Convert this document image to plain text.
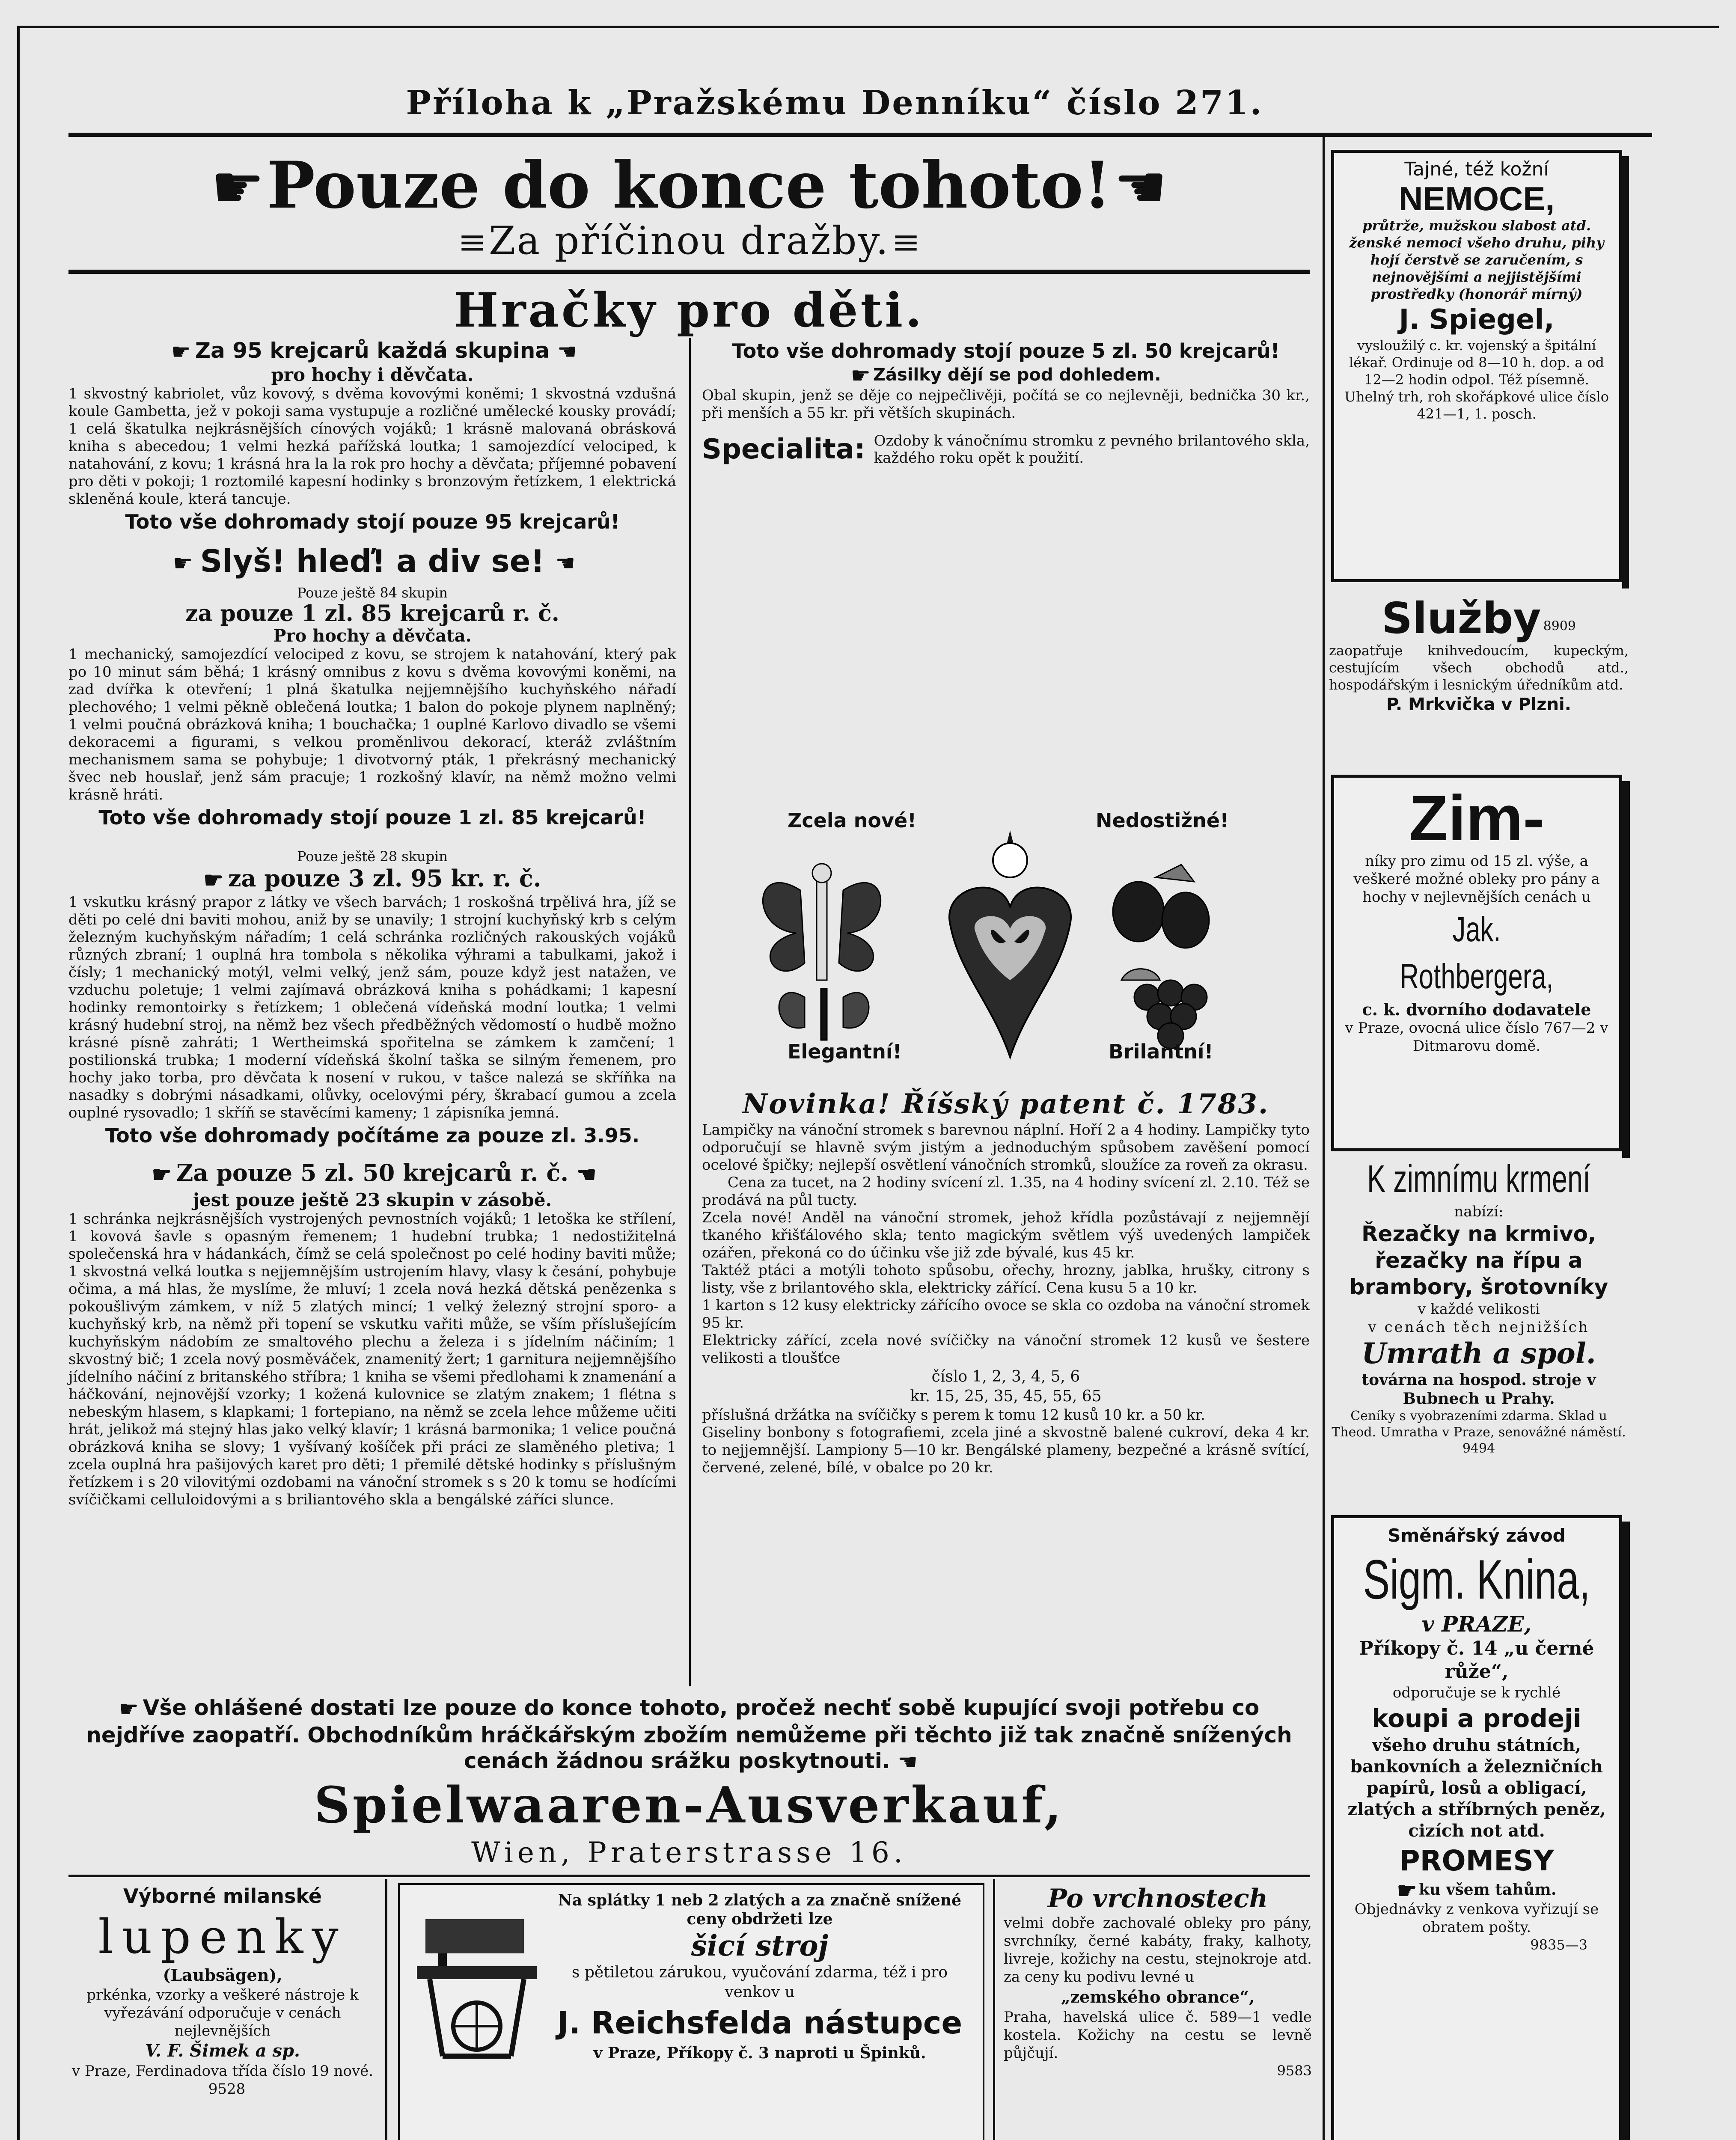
Příloha k „Pražskému Denníku“ číslo 271.
☛ Pouze do konce tohoto! ☚
≡ Za příčinou dražby. ≡
Hračky pro děti.
☛ Za 95 krejcarů každá skupina ☚
pro hochy i děvčata.

1 skvostný kabriolet, vůz kovový, s dvěma kovovými koněmi; 1 skvostná vzdušná koule Gambetta, jež v pokoji sama vystupuje a rozličné umělecké kousky provádí; 1 celá škatulka nejkrásnějších cínových vojáků; 1 krásně malovaná obrásková kniha s abecedou; 1 velmi hezká pařížská loutka; 1 samojezdící velociped, k natahování, z kovu; 1 krásná hra la la rok pro hochy a děvčata; příjemné pobavení pro děti v pokoji; 1 roztomilé kapesní hodinky s bronzovým řetízkem, 1 elektrická skleněná koule, která tancuje.

Toto vše dohromady stojí pouze 95 krejcarů!
☛ Slyš! hleď! a div se! ☚
Pouze ještě 84 skupin
za pouze 1 zl. 85 krejcarů r. č.
Pro hochy a děvčata.

1 mechanický, samojezdící velociped z kovu, se strojem k natahování, který pak po 10 minut sám běhá; 1 krásný omnibus z kovu s dvěma kovovými koněmi, na zad dvířka k otevření; 1 plná škatulka nejjemnějšího kuchyňského nářadí plechového; 1 velmi pěkně oblečená loutka; 1 balon do pokoje plynem naplněný; 1 velmi poučná obrázková kniha; 1 bouchačka; 1 ouplné Karlovo divadlo se všemi dekoracemi a figurami, s velkou proměnlivou dekorací, kteráž zvláštním mechanismem sama se pohybuje; 1 divotvorný pták, 1 překrásný mechanický švec neb houslař, jenž sám pracuje; 1 rozkošný klavír, na němž možno velmi krásně hráti.

Toto vše dohromady stojí pouze 1 zl. 85 krejcarů!
Pouze ještě 28 skupin
☛ za pouze 3 zl. 95 kr. r. č.

1 vskutku krásný prapor z látky ve všech barvách; 1 roskošná trpělivá hra, jíž se děti po celé dni baviti mohou, aniž by se unavily; 1 strojní kuchyňský krb s celým železným kuchyňským nářadím; 1 celá schránka rozličných rakouských vojáků různých zbraní; 1 ouplná hra tombola s několika výhrami a tabulkami, jakož i čísly; 1 mechanický motýl, velmi velký, jenž sám, pouze když jest natažen, ve vzduchu poletuje; 1 velmi zajímavá obrázková kniha s pohádkami; 1 kapesní hodinky remontoirky s řetízkem; 1 oblečená vídeňská modní loutka; 1 velmi krásný hudební stroj, na němž bez všech předběžných vědomostí o hudbě možno krásné písně zahráti; 1 Wertheimská spořitelna se zámkem k zamčení; 1 postilionská trubka; 1 moderní vídeňská školní taška se silným řemenem, pro hochy jako torba, pro děvčata k nosení v rukou, v tašce nalezá se skříňka na nasadky s dobrými násadkami, olůvky, ocelovými péry, škrabací gumou a zcela ouplné rysovadlo; 1 skříň se stavěcími kameny; 1 zápisníka jemná.

Toto vše dohromady počítáme za pouze zl. 3.95.
☛ Za pouze 5 zl. 50 krejcarů r. č. ☚
jest pouze ještě 23 skupin v zásobě.

1 schránka nejkrásnějších vystrojených pevnostních vojáků; 1 letoška ke střílení, 1 kovová šavle s opasným řemenem; 1 hudební trubka; 1 nedostižitelná společenská hra v hádankách, čímž se celá společnost po celé hodiny baviti může; 1 skvostná velká loutka s nejjemnějším ustrojením hlavy, vlasy k česání, pohybuje očima, a má hlas, že myslíme, že mluví; 1 zcela nová hezká dětská penězenka s pokoušlivým zámkem, v níž 5 zlatých mincí; 1 velký železný strojní sporo- a kuchyňský krb, na němž při topení se vskutku vařiti může, se vším příslušejícím kuchyňským nádobím ze smaltového plechu a železa i s jídelním náčiním; 1 skvostný bič; 1 zcela nový posměváček, znamenitý žert; 1 garnitura nejjemnějšího jídelního náčiní z britanského stříbra; 1 kniha se všemi předlohami k znamenání a háčkování, nejnovější vzorky; 1 kožená kulovnice se zlatým znakem; 1 flétna s nebeským hlasem, s klapkami; 1 fortepiano, na němž se zcela lehce můžeme učiti hrát, jelikož má stejný hlas jako velký klavír; 1 krásná barmonika; 1 velice poučná obrázková kniha se slovy; 1 vyšívaný košíček při práci ze slaměného pletiva; 1 zcela ouplná hra pašijových karet pro děti; 1 přemilé dětské hodinky s příslušným řetízkem i s 20 vilovitými ozdobami na vánoční stromek s s 20 k tomu se hodícími svíčičkami celluloidovými a s briliantového skla a bengálské záříci slunce.

Toto vše dohromady stojí pouze 5 zl. 50 krejcarů!
☛ Zásilky dějí se pod dohledem.

Obal skupin, jenž se děje co nejpečlivěji, počítá se co nejlevněji, bednička 30 kr., při menších a 55 kr. při větších skupinách.

Specialita: Ozdoby k vánočnímu stromku z pevného brilantového skla, každého roku opět k použití.
Zcela nové!	Nedostižné!
Elegantní!	Brilantní!
Novinka! Říšský patent č. 1783.

Lampičky na vánoční stromek s barevnou náplní. Hoří 2 a 4 hodiny. Lampičky tyto odporučují se hlavně svým jistým a jednoduchým spůsobem zavěšení pomocí ocelové špičky; nejlepší osvětlení vánočních stromků, sloužíce za roveň za okrasu.

Cena za tucet, na 2 hodiny svícení zl. 1.35, na 4 hodiny svícení zl. 2.10. Též se prodává na půl tucty.

Zcela nové! Anděl na vánoční stromek, jehož křídla pozůstávají z nejjemnějí tkaného křišťálového skla; tento magickým světlem výš uvedených lampiček ozářen, překoná co do účinku vše již zde bývalé, kus 45 kr.

Taktéž ptáci a motýli tohoto spůsobu, ořechy, hrozny, jablka, hrušky, citrony s listy, vše z brilantového skla, elektricky zářící. Cena kusu 5 a 10 kr.

1 karton s 12 kusy elektricky zářícího ovoce se skla co ozdoba na vánoční stromek 95 kr.

Elektricky zářící, zcela nové svíčičky na vánoční stromek 12 kusů ve šestere velikosti a tloušťce

číslo 1, 2, 3, 4, 5, 6
kr. 15, 25, 35, 45, 55, 65

příslušná držátka na svíčičky s perem k tomu 12 kusů 10 kr. a 50 kr.

Giseliny bonbony s fotografiemi, zcela jiné a skvostně balené cukroví, deka 4 kr. to nejjemnější. Lampiony 5—10 kr. Bengálské plameny, bezpečné a krásně svítící, červené, zelené, bílé, v obalce po 20 kr.

☛ Vše ohlášené dostati lze pouze do konce tohoto, pročež nechť sobě kupující svoji potřebu co nejdříve zaopatří. Obchodníkům hráčkářským zbožím nemůžeme při těchto již tak značně snížených cenách žádnou srážku poskytnouti. ☚
Spielwaaren-Ausverkauf,
Wien, Praterstrasse 16.
Tajné, též kožní
NEMOCE,
průtrže, mužskou slabost atd. ženské nemoci všeho druhu, pihy hojí čerstvě se zaručením, s nejnovějšími a nejjistějšími prostředky (honorář mírný)
J. Spiegel,
vysloužilý c. kr. vojenský a špitální lékař. Ordinuje od 8—10 h. dop. a od 12—2 hodin odpol. Též písemně. Uhelný trh, roh skořápkové ulice číslo 421—1, 1. posch.
Služby $^{8909}$
zaopatřuje knihvedoucím, kupeckým, cestujícím všech obchodů atd., hospodářským i lesnickým úředníkům atd.
P. Mrkvička v Plzni.
Zim-
níky pro zimu od 15 zl. výše, a veškeré možné obleky pro pány a hochy v nejlevnějších cenách u
Jak. Rothbergera,
c. k. dvorního dodavatele
v Praze, ovocná ulice číslo 767—2 v Ditmarovu domě.
K zimnímu krmení
nabízí:
Řezačky na krmivo, řezačky na řípu a brambory, šrotovníky
v každé velikosti
v cenách těch nejnižších
Umrath a spol.
továrna na hospod. stroje v Bubnech u Prahy.
Ceníky s vyobrazeními zdarma. Sklad u Theod. Umratha v Praze, senovážné náměstí. 9494
Směnářský závod
Sigm. Knina,
v PRAZE,
Příkopy č. 14 „u černé růže“,
odporučuje se k rychlé
koupi a prodeji
všeho druhu státních, bankovních a železničních papírů, losů a obligací, zlatých a stříbrných peněz, cizích not atd.
PROMESY
☛ ku všem tahům.
Objednávky z venkova vyřizují se obratem pošty.
9835—3
Výborné milanské
lupenky
(Laubsägen),
prkénka, vzorky a veškeré nástroje k vyřezávání odporučuje v cenách nejlevnějších
V. F. Šimek a sp.
v Praze, Ferdinadova třída číslo 19 nové. 9528
Na splátky 1 neb 2 zlatých a za značně snížené ceny obdržeti lze
šicí stroj
s pětiletou zárukou, vyučování zdarma, též i pro venkov u
J. Reichsfelda nástupce
v Praze, Příkopy č. 3 naproti u Špinků.
Po vrchnostech
velmi dobře zachovalé obleky pro pány, svrchníky, černé kabáty, fraky, kalhoty, livreje, kožichy na cestu, stejnokroje atd. za ceny ku podivu levné u
„zemského obrance“,
Praha, havelská ulice č. 589—1 vedle kostela. Kožichy na cestu se levně půjčují.
9583
